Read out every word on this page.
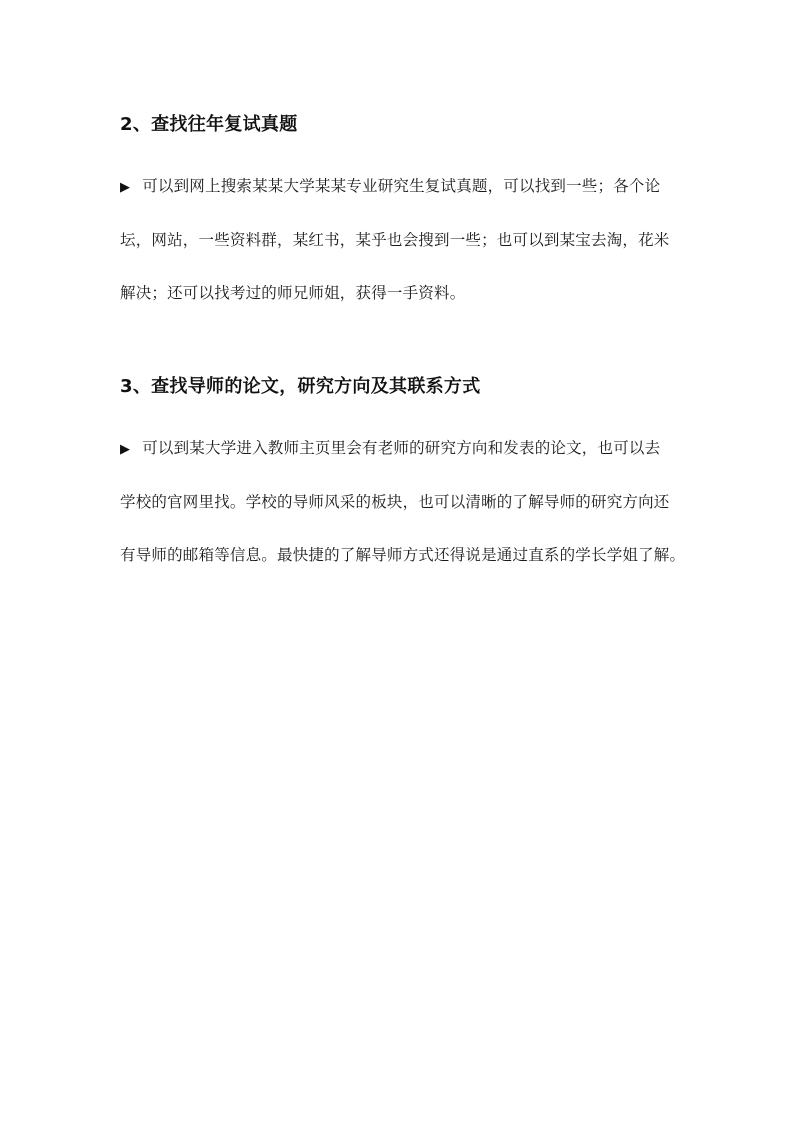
2、查找往年复试真题

▶ 可以到网上搜索某某大学某某专业研究生复试真题，可以找到一些；各个论
坛，网站，一些资料群，某红书，某乎也会搜到一些；也可以到某宝去淘，花米
解决；还可以找考过的师兄师姐，获得一手资料。

3、查找导师的论文，研究方向及其联系方式

▶ 可以到某大学进入教师主页里会有老师的研究方向和发表的论文，也可以去
学校的官网里找。学校的导师风采的板块，也可以清晰的了解导师的研究方向还
有导师的邮箱等信息。最快捷的了解导师方式还得说是通过直系的学长学姐了解。
